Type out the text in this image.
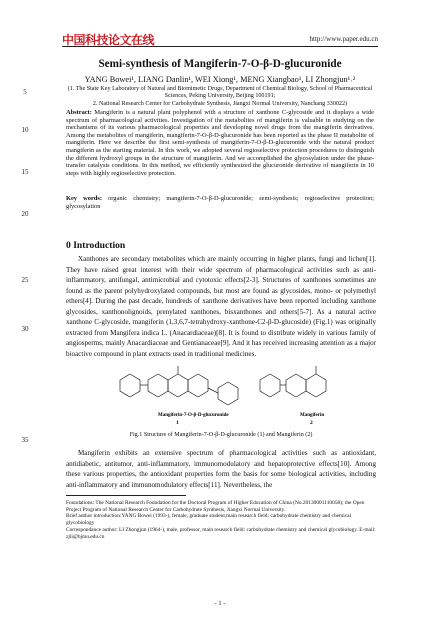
中国科技论文在线	http://www.paper.edu.cn
Semi-synthesis of Mangiferin-7-O-β-D-glucuronide
YANG Bowei¹, LIANG Danlin¹, WEI Xiong¹, MENG Xiangbao¹, LI Zhongjun¹˒²
(1. The State Key Laboratory of Natural and Biomimetic Drugs, Department of Chemical Biology, School of Pharmaceutical Sciences, Peking University, Beijing 100191;
2. National Research Center for Carbohydrate Synthesis, Jiangxi Normal University, Nanchang 330022)
5
10
15
20
25
30
35
Abstract: Mangiferin is a natural plant polyphenol with a structure of xanthone C-glycoside and it displays a wide spectrum of pharmacological activities. Investigation of the metabolites of mangiferin is valuable in studying on the mechanisms of its various pharmacological properties and developing novel drugs from the mangiferin derivatives. Among the metabolites of mangiferin, mangiferin-7-O-β-D-glucuronide has been reported as the phase II metabolite of mangiferin. Here we describe the first semi-synthesis of mangiferin-7-O-β-D-glucuronide with the natural product mangiferin as the starting material. In this work, we adopted several regioselective protection procedures to distinguish the different hydroxyl groups in the structure of mangiferin. And we accomplished the glycosylation under the phase-transfer catalysis conditions. In this method, we efficiently synthesized the glucuronide derivative of mangiferin in 10 steps with highly regioselective protection.
Key words: organic chemistry; mangiferin-7-O-β-D-glucuronide; semi-synthesis; regioselective protection; glycosylation
0 Introduction
Xanthones are secondary metabolites which are mainly occurring in higher plants, fungi and lichen[1]. They have raised great interest with their wide spectrum of pharmacological activities such as anti-inflammatory, antifungal, antimicrobial and cytotoxic effects[2-3]. Structures of xanthones sometimes are found as the parent polyhydroxylated compounds, but most are found as glycosides, mono- or polymethyl ethers[4]. During the past decade, hundreds of xanthone derivatives have been reported including xanthone glycosides, xanthonolignoids, prenylated xanthones, bisxanthones and others[5-7]. As a natural active xanthone C-glycoside, mangiferin (1,3,6,7-tetrahydroxy-xanthone-C2-β-D-glucoside) (Fig.1) was originally extracted from Mangifera indica L. (Anacardiaceae)[8]. It is found to distribute widely in various family of angiosperms, mainly Anacardiaceae and Gentianaceae[9]. And it has received increasing attention as a major bioactive compound in plant extracts used in traditional medicines.
Mangiferin-7-O-β-D-glucuronide
1
Mangiferin
2
Fig.1 Structure of Mangiferin-7-O-β-D-glucuronide (1) and Mangiferin (2)
Mangiferin exhibits an extensive spectrum of pharmacological activities such as antioxidant, antidiabetic, antitumor, anti-inflammatory, immunomodulatory and hepatoprotective effects[10]. Among these various properties, the antioxidant properties form the basis for some biological activities, including anti-inflammatory and immunomodulatory effects[11]. Nevertheless, the
Foundations: The National Research Foundation for the Doctoral Program of Higher Education of China (No.20130001110058); the Open Project Program of National Research Center for Carbohydrate Synthesis, Jiangxi Normal University.
Brief author introduction:YANG Bowei (1993-), female, graduate student,main research field: carbohydrate chemistry and chemical glycobiology
Correspondance author: LI Zhongjun (1964-), male, professor, main research field: carbohydrate chemistry and chemical glycobiology. E-mail: zjli@bjmu.edu.cn
- 1 -
